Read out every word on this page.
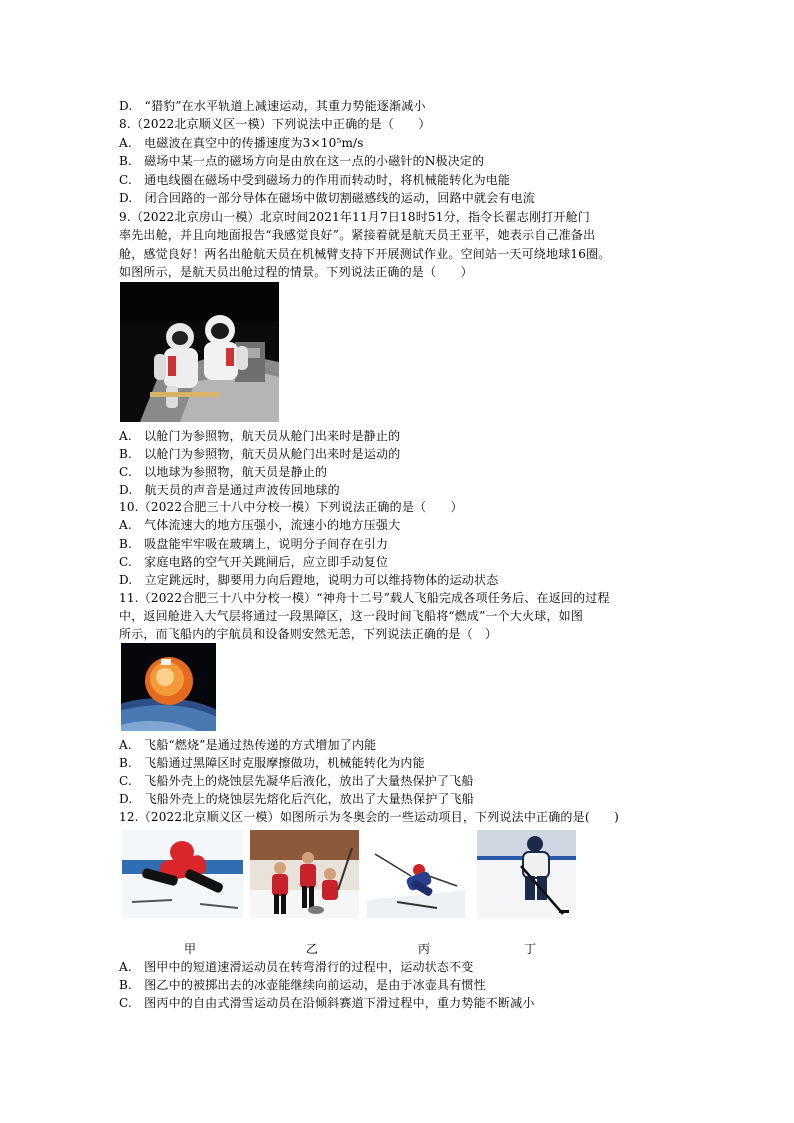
D.　“猎豹”在水平轨道上减速运动，其重力势能逐渐减小
8.（2022北京顺义区一模）下列说法中正确的是（　　）
A.　电磁波在真空中的传播速度为3×10⁵m/s
B.　磁场中某一点的磁场方向是由放在这一点的小磁针的N极决定的
C.　通电线圈在磁场中受到磁场力的作用而转动时，将机械能转化为电能
D.　闭合回路的一部分导体在磁场中做切割磁感线的运动，回路中就会有电流
9.（2022北京房山一模）北京时间2021年11月7日18时51分，指令长翟志刚打开舱门
率先出舱，并且向地面报告“我感觉良好”。紧接着就是航天员王亚平，她表示自己准备出
舱，感觉良好！两名出舱航天员在机械臂支持下开展测试作业。空间站一天可绕地球16圈。
如图所示，是航天员出舱过程的情景。下列说法正确的是（　　）
A.　以舱门为参照物，航天员从舱门出来时是静止的
B.　以舱门为参照物，航天员从舱门出来时是运动的
C.　以地球为参照物，航天员是静止的
D.　航天员的声音是通过声波传回地球的
10.（2022合肥三十八中分校一模）下列说法正确的是（　　）
A.　气体流速大的地方压强小，流速小的地方压强大
B.　吸盘能牢牢吸在玻璃上，说明分子间存在引力
C.　家庭电路的空气开关跳闸后，应立即手动复位
D.　立定跳远时，脚要用力向后蹬地，说明力可以维持物体的运动状态
11.（2022合肥三十八中分校一模）“神舟十二号”载人飞船完成各项任务后、在返回的过程
中，返回舱进入大气层将通过一段黑障区，这一段时间飞船将“燃成”一个大火球，如图
所示，而飞船内的宇航员和设备则安然无恙，下列说法正确的是（　）
A.　飞船“燃烧”是通过热传递的方式增加了内能
B.　飞船通过黑障区时克服摩擦做功，机械能转化为内能
C.　飞船外壳上的烧蚀层先凝华后液化，放出了大量热保护了飞船
D.　飞船外壳上的烧蚀层先熔化后汽化，放出了大量热保护了飞船
12.（2022北京顺义区一模）如图所示为冬奥会的一些运动项目，下列说法中正确的是(　　)
甲	乙	丙	丁
A.　图甲中的短道速滑运动员在转弯滑行的过程中，运动状态不变
B.　图乙中的被掷出去的冰壶能继续向前运动，是由于冰壶具有惯性
C.　图丙中的自由式滑雪运动员在沿倾斜赛道下滑过程中，重力势能不断减小
